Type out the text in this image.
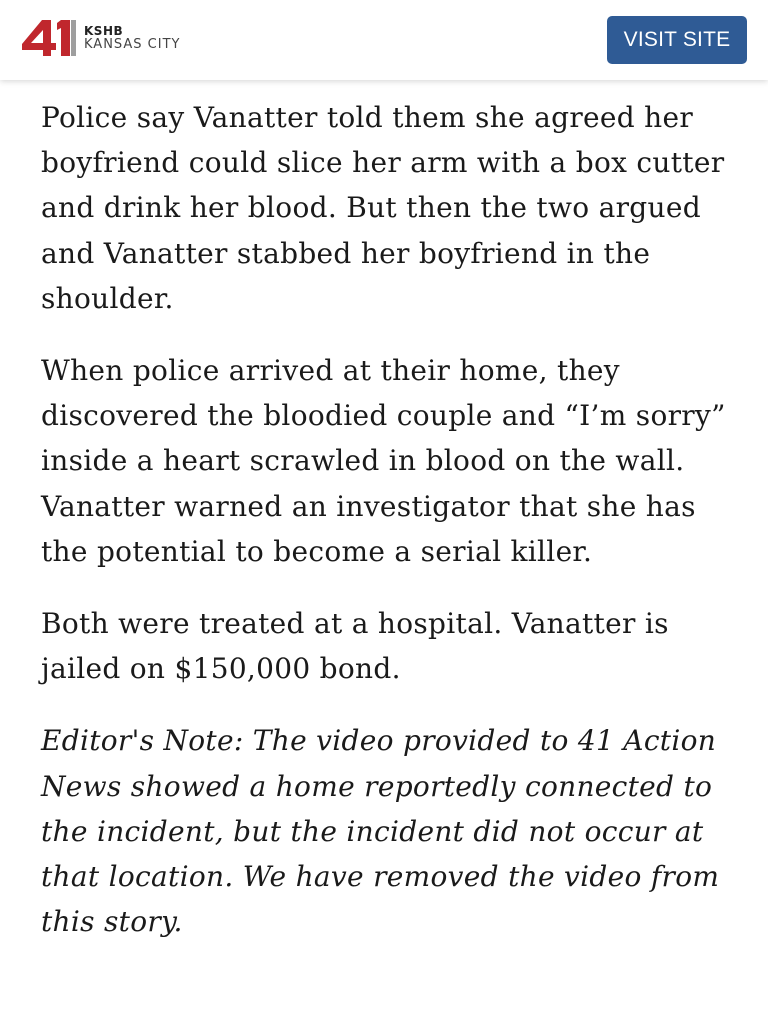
KSHB
KANSAS CITY	VISIT SITE

Police say Vanatter told them she agreed her boyfriend could slice her arm with a box cutter and drink her blood. But then the two argued and Vanatter stabbed her boyfriend in the shoulder.

When police arrived at their home, they discovered the bloodied couple and “I’m sorry” inside a heart scrawled in blood on the wall. Vanatter warned an investigator that she has the potential to become a serial killer.

Both were treated at a hospital. Vanatter is jailed on $150,000 bond.

Editor's Note: The video provided to 41 Action News showed a home reportedly connected to the incident, but the incident did not occur at that location. We have removed the video from this story.
